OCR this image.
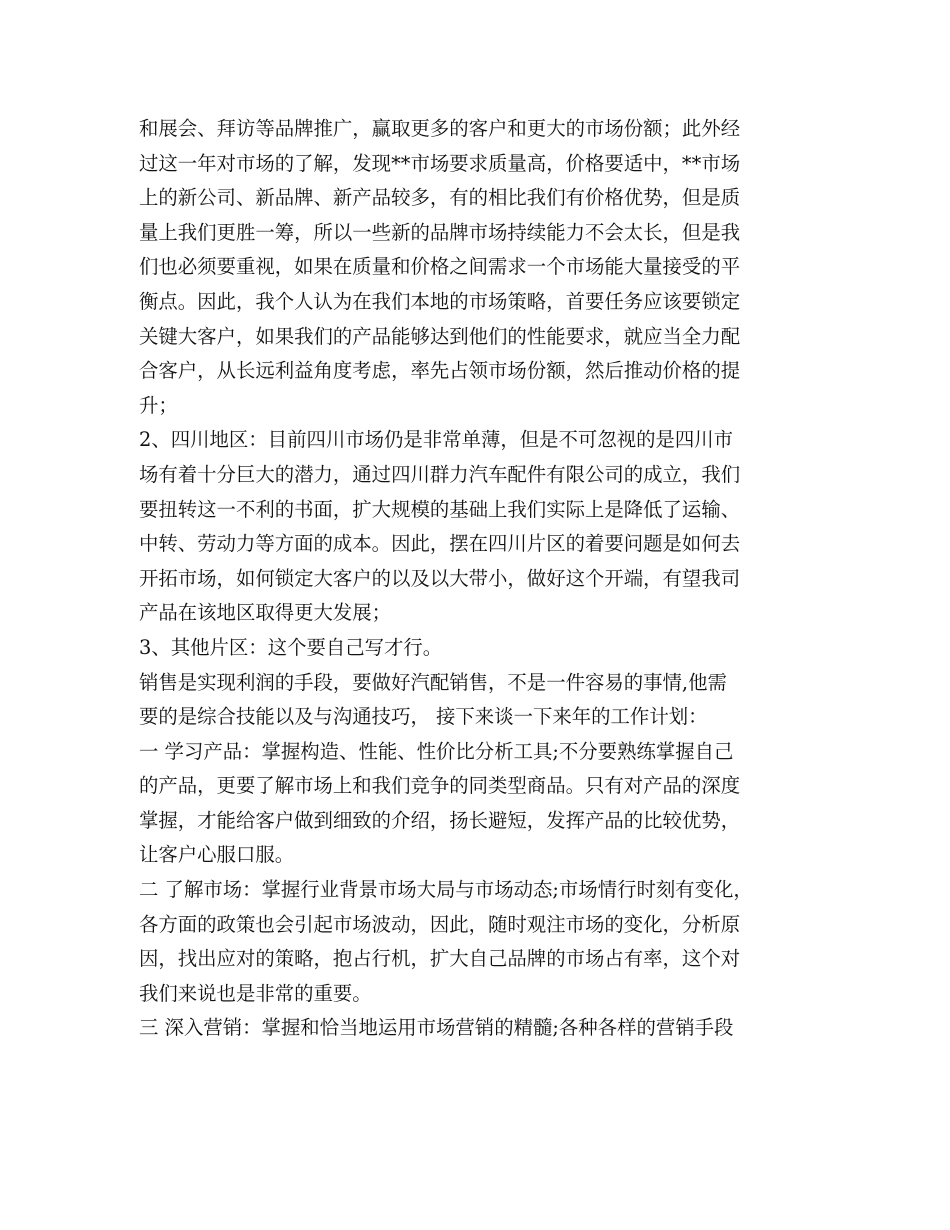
和展会、拜访等品牌推广，赢取更多的客户和更大的市场份额；此外经
过这一年对市场的了解，发现**市场要求质量高，价格要适中，**市场
上的新公司、新品牌、新产品较多，有的相比我们有价格优势，但是质
量上我们更胜一筹，所以一些新的品牌市场持续能力不会太长，但是我
们也必须要重视，如果在质量和价格之间需求一个市场能大量接受的平
衡点。因此，我个人认为在我们本地的市场策略，首要任务应该要锁定
关键大客户，如果我们的产品能够达到他们的性能要求，就应当全力配
合客户，从长远利益角度考虑，率先占领市场份额，然后推动价格的提
升；
2、四川地区：目前四川市场仍是非常单薄，但是不可忽视的是四川市
场有着十分巨大的潜力，通过四川群力汽车配件有限公司的成立，我们
要扭转这一不利的书面，扩大规模的基础上我们实际上是降低了运输、
中转、劳动力等方面的成本。因此，摆在四川片区的着要问题是如何去
开拓市场，如何锁定大客户的以及以大带小，做好这个开端，有望我司
产品在该地区取得更大发展；
3、其他片区：这个要自己写才行。
销售是实现利润的手段，要做好汽配销售，不是一件容易的事情,他需
要的是综合技能以及与沟通技巧， 接下来谈一下来年的工作计划：
一 学习产品：掌握构造、性能、性价比分析工具;不分要熟练掌握自己
的产品，更要了解市场上和我们竞争的同类型商品。只有对产品的深度
掌握，才能给客户做到细致的介绍，扬长避短，发挥产品的比较优势，
让客户心服口服。
二 了解市场：掌握行业背景市场大局与市场动态;市场情行时刻有变化，
各方面的政策也会引起市场波动，因此，随时观注市场的变化，分析原
因，找出应对的策略，抱占行机，扩大自己品牌的市场占有率，这个对
我们来说也是非常的重要。
三 深入营销：掌握和恰当地运用市场营销的精髓;各种各样的营销手段
